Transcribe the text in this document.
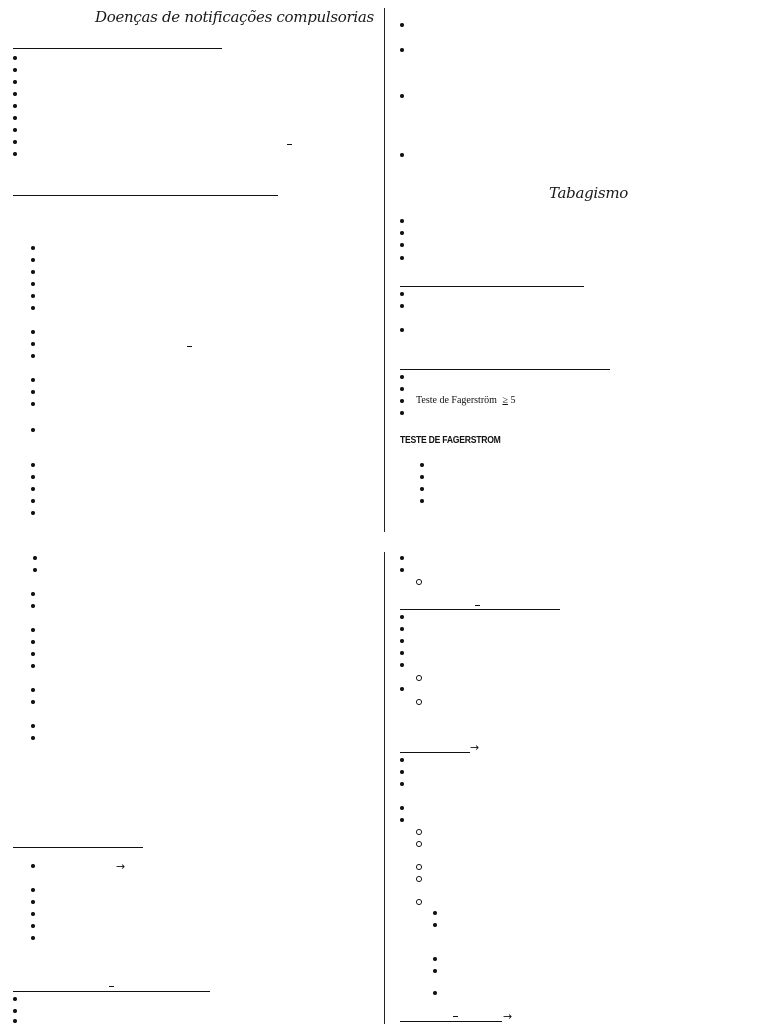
Doenças de notificações compulsorias
Tabagismo
Teste de Fagerström ≥ 5
TESTE DE FAGERSTROM
→
→
→
